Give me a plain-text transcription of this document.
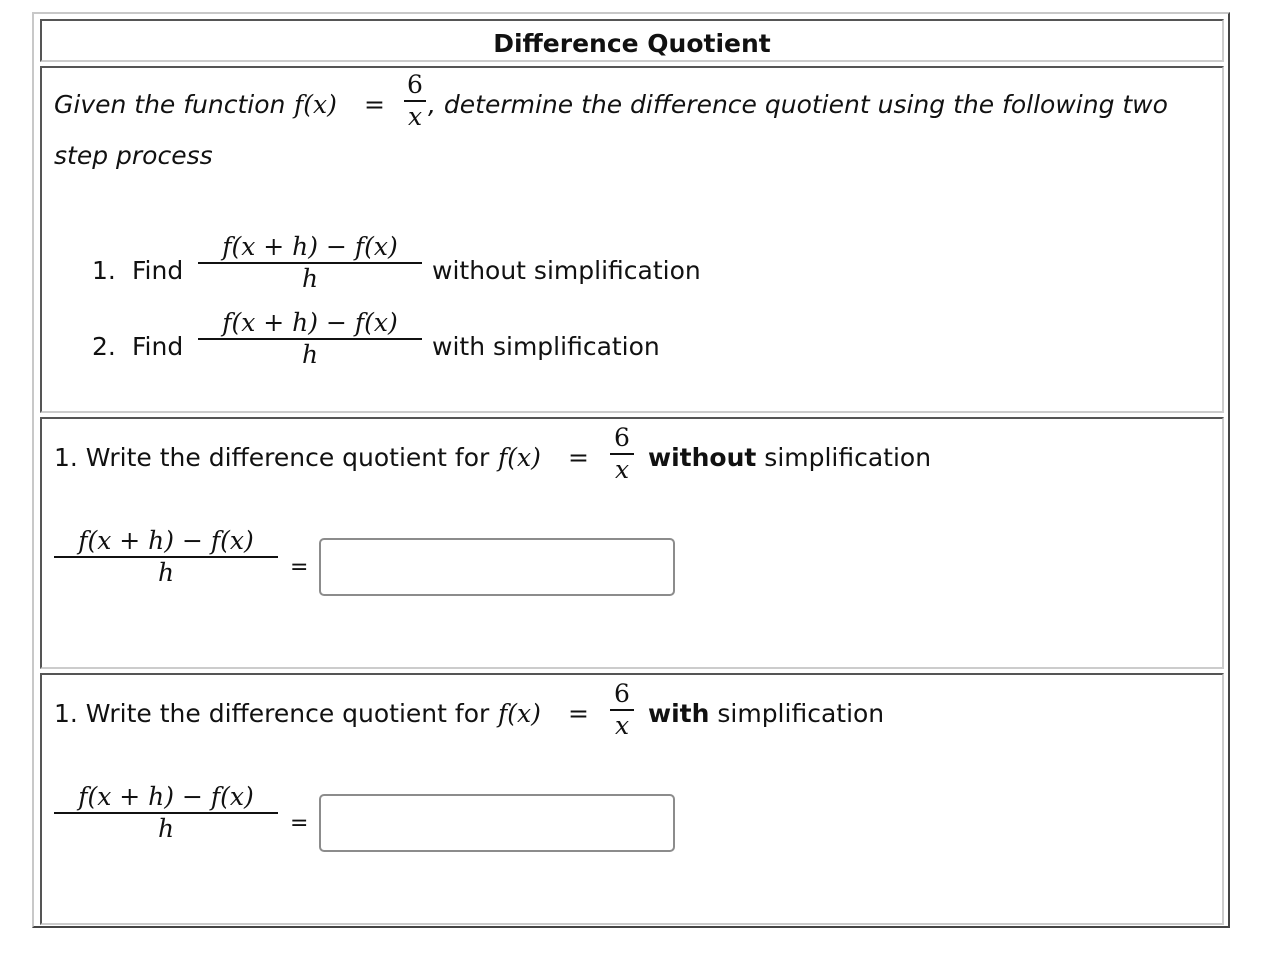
Difference Quotient
Given the function f(x) =
6
x , determine the difference quotient using the following two
step process
1. Find
f(x + h) − f(x)
h	without simplification
2. Find
f(x + h) − f(x)
h	with simplification
1. Write the difference quotient for f(x) =
6
x without simplification
f(x + h) − f(x)
h	=
1. Write the difference quotient for f(x) =
6
x with simplification
f(x + h) − f(x)
h	=
